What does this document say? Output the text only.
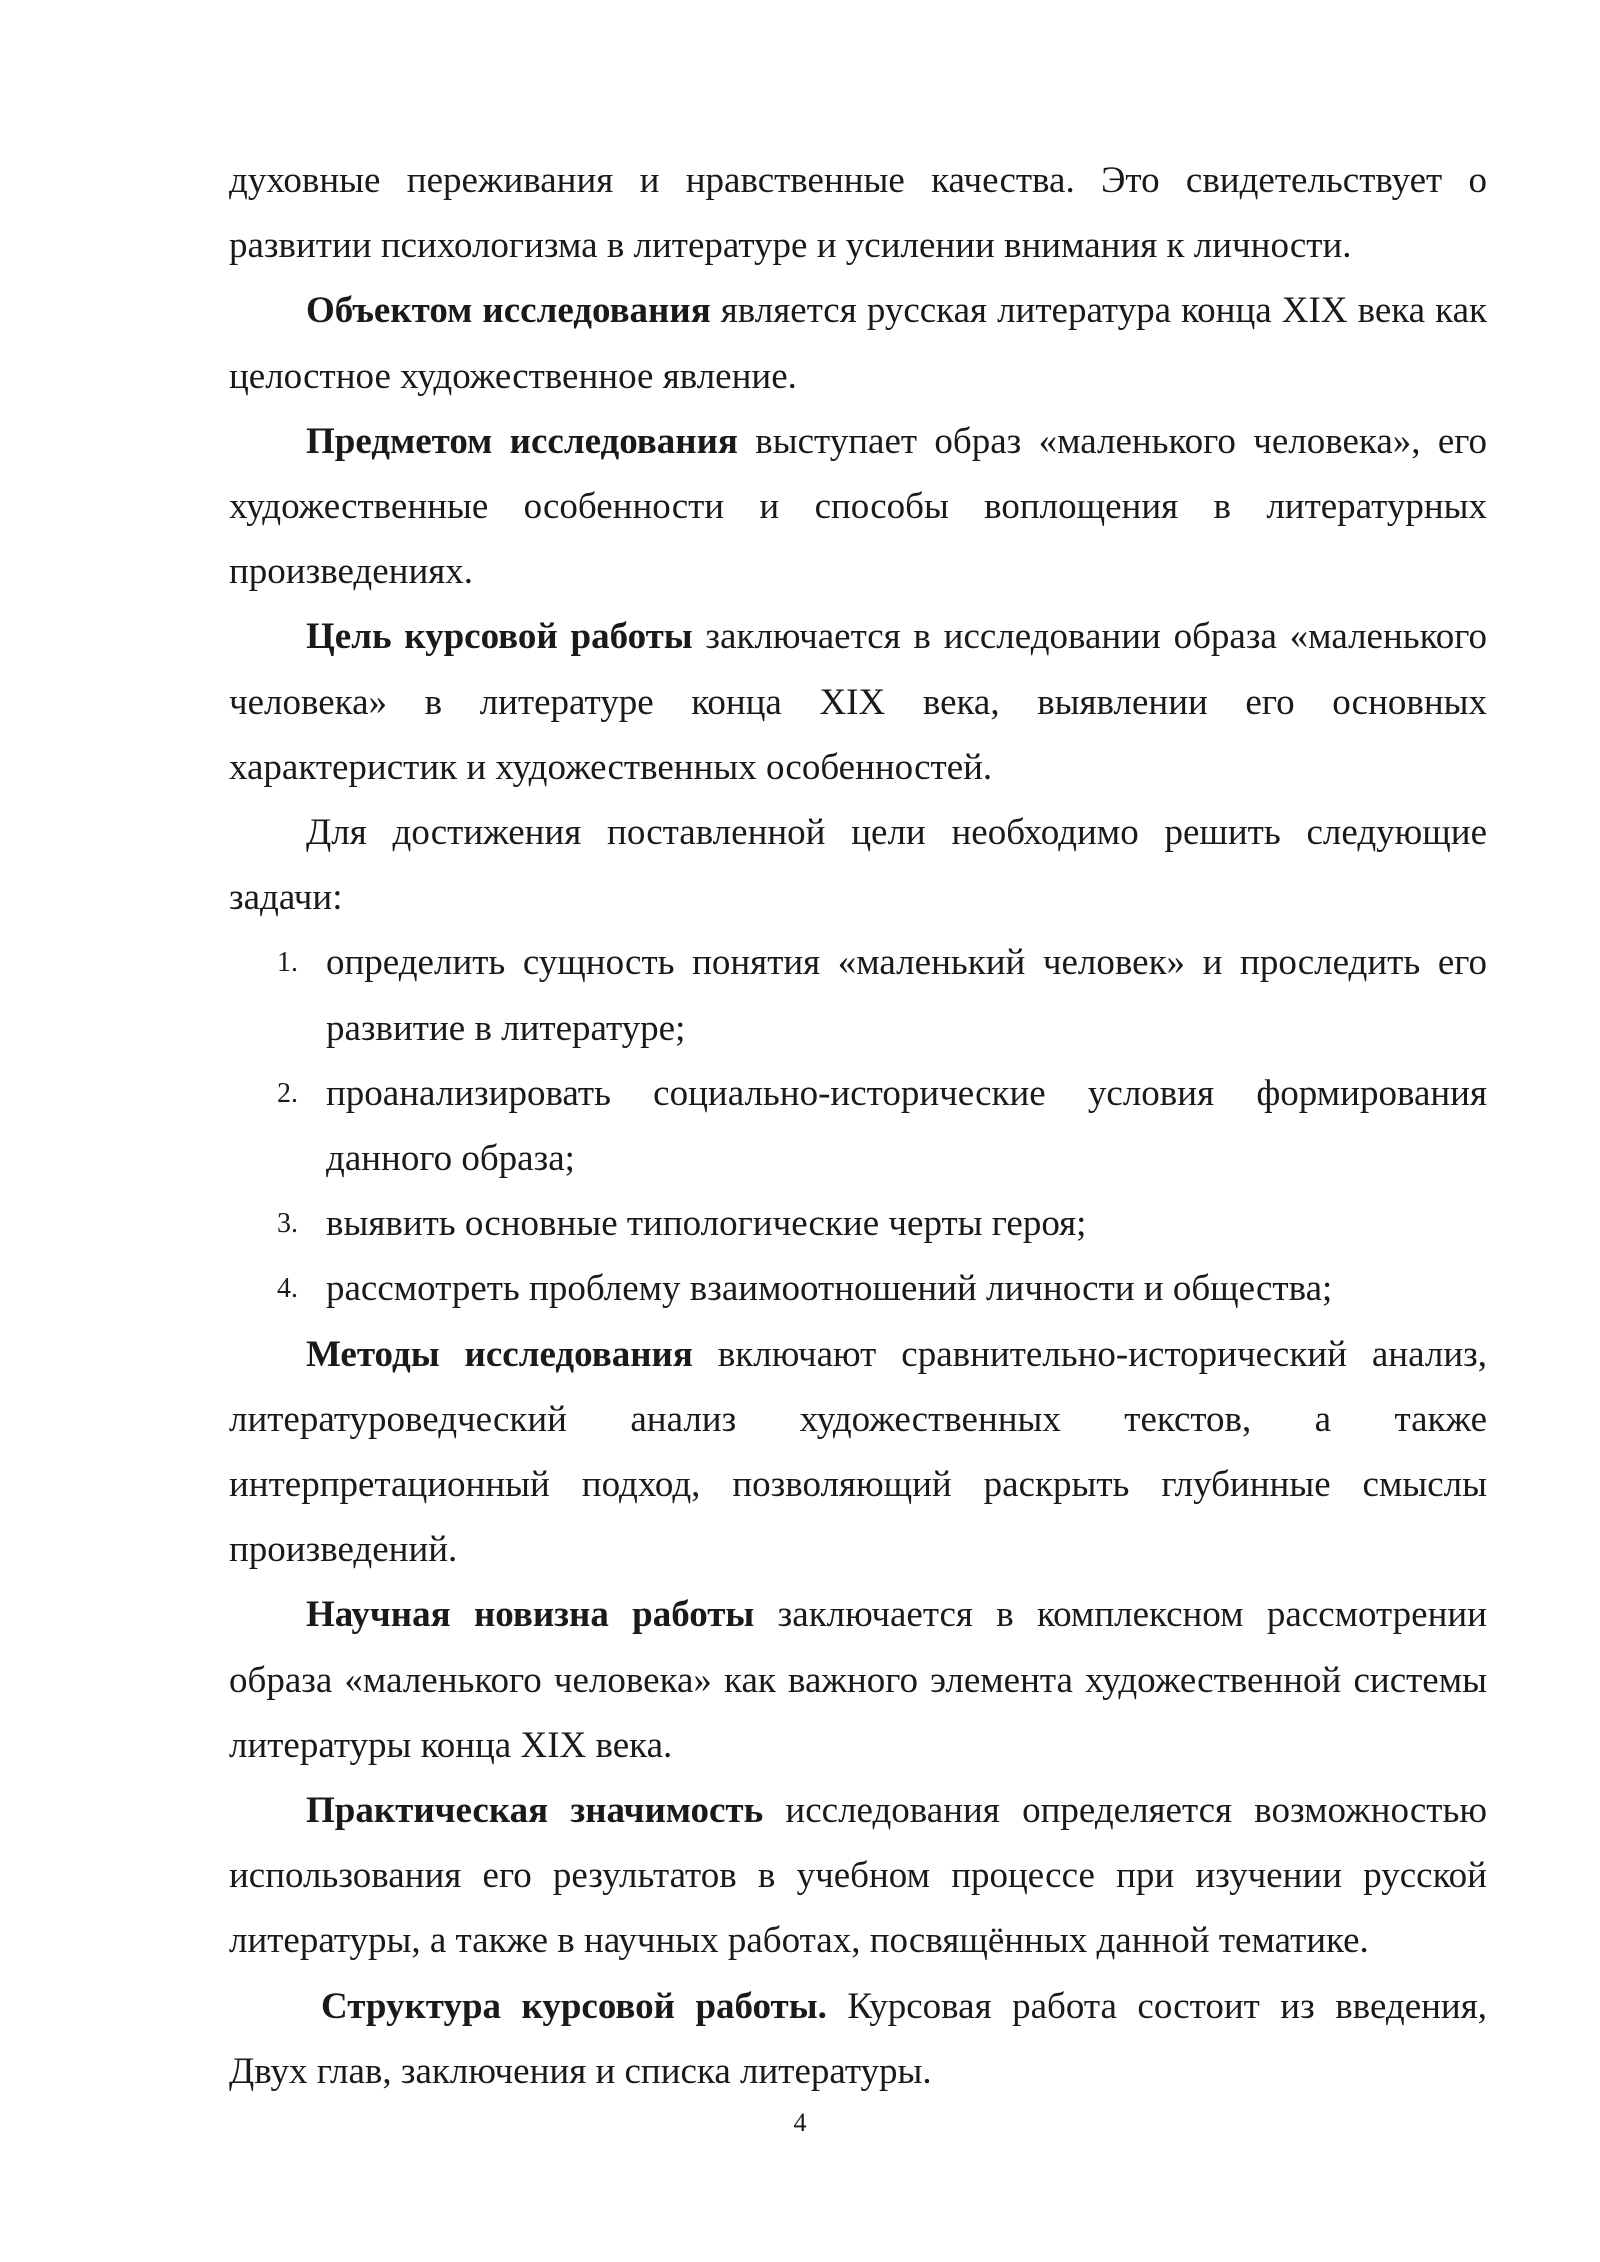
духовные переживания и нравственные качества. Это свидетельствует о развитии психологизма в литературе и усилении внимания к личности.

Объектом исследования является русская литература конца XIX века как целостное художественное явление.

Предметом исследования выступает образ «маленького человека», его художественные особенности и способы воплощения в литературных произведениях.

Цель курсовой работы заключается в исследовании образа «маленького человека» в литературе конца XIX века, выявлении его основных характеристик и художественных особенностей.

Для достижения поставленной цели необходимо решить следующие задачи:

1. определить сущность понятия «маленький человек» и проследить его развитие в литературе;
2. проанализировать социально-исторические условия формирования данного образа;
3. выявить основные типологические черты героя;
4. рассмотреть проблему взаимоотношений личности и общества;

Методы исследования включают сравнительно-исторический анализ, литературоведческий анализ художественных текстов, а также интерпретационный подход, позволяющий раскрыть глубинные смыслы произведений.

Научная новизна работы заключается в комплексном рассмотрении образа «маленького человека» как важного элемента художественной системы литературы конца XIX века.

Практическая значимость исследования определяется возможностью использования его результатов в учебном процессе при изучении русской литературы, а также в научных работах, посвящённых данной тематике.

Структура курсовой работы. Курсовая работа состоит из введения, Двух глав, заключения и списка литературы.

4
